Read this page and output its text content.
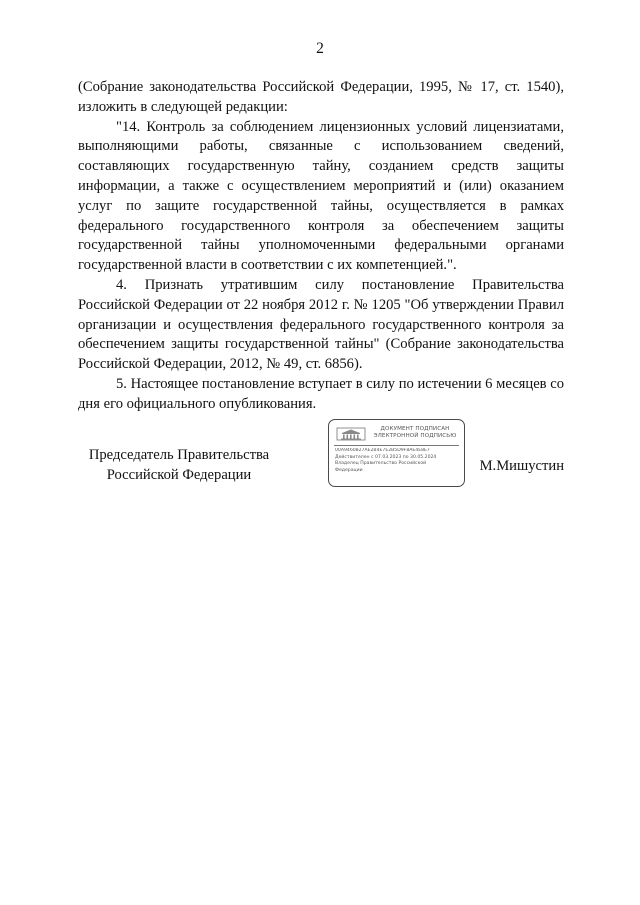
2

(Собрание законодательства Российской Федерации, 1995, № 17, ст. 1540), изложить в следующей редакции:

"14. Контроль за соблюдением лицензионных условий лицензиатами, выполняющими работы, связанные с использованием сведений, составляющих государственную тайну, созданием средств защиты информации, а также с осуществлением мероприятий и (или) оказанием услуг по защите государственной тайны, осуществляется в рамках федерального государственного контроля за обеспечением защиты государственной тайны уполномоченными федеральными органами государственной власти в соответствии с их компетенцией.".

4. Признать утратившим силу постановление Правительства Российской Федерации от 22 ноября 2012 г. № 1205 "Об утверждении Правил организации и осуществления федерального государственного контроля за обеспечением защиты государственной тайны" (Собрание законодательства Российской Федерации, 2012, № 49, ст. 6856).

5. Настоящее постановление вступает в силу по истечении 6 месяцев со дня его официального опубликования.

Председатель Правительства
Российской Федерации
ДОКУМЕНТ ПОДПИСАН
ЭЛЕКТРОННОЙ ПОДПИСЬЮ
00A9460827AE2B4E7E2B5D9F8AE4E8E7
Действителен с 07.03.2023 по 30.05.2024
Владелец Правительство Российской
Федерации	М.Мишустин
